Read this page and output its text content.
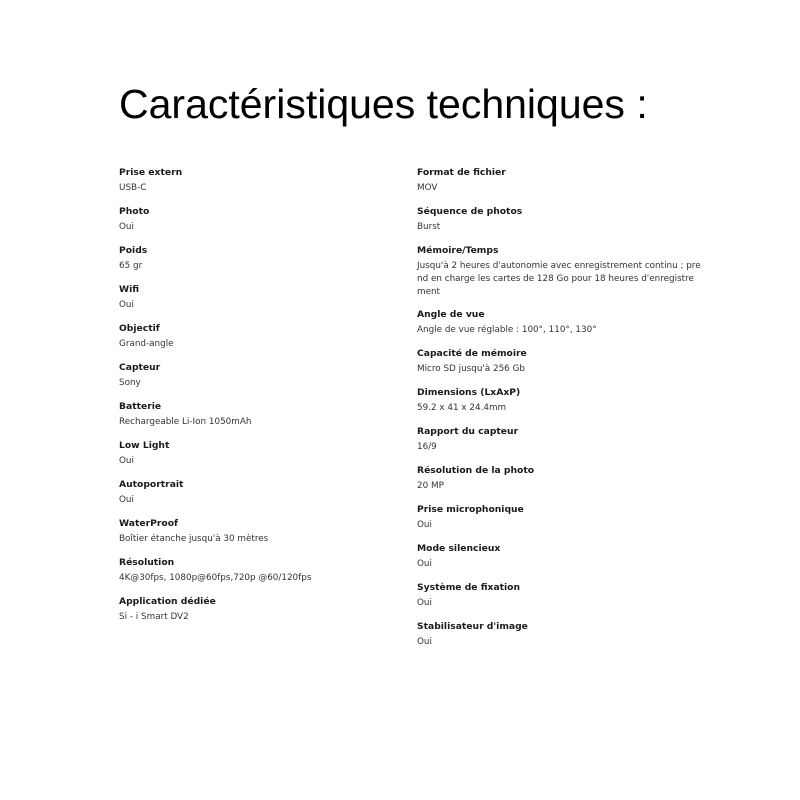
Caractéristiques techniques :
Prise extern
USB-C
Photo
Oui
Poids
65 gr
Wifi
Oui
Objectif
Grand-angle
Capteur
Sony
Batterie
Rechargeable Li-Ion 1050mAh
Low Light
Oui
Autoportrait
Oui
WaterProof
Boîtier étanche jusqu'à 30 mètres
Résolution
4K@30fps, 1080p@60fps,720p @60/120fps
Application dédiée
Si - i Smart DV2
Format de fichier
MOV
Séquence de photos
Burst
Mémoire/Temps
Jusqu'à 2 heures d'autonomie avec enregistrement continu ; prend en charge les cartes de 128 Go pour 18 heures d'enregistrement
Angle de vue
Angle de vue réglable : 100°, 110°, 130°
Capacité de mémoire
Micro SD jusqu'à 256 Gb
Dimensions (LxAxP)
59.2 x 41 x 24.4mm
Rapport du capteur
16/9
Résolution de la photo
20 MP
Prise microphonique
Oui
Mode silencieux
Oui
Système de fixation
Oui
Stabilisateur d'image
Oui
